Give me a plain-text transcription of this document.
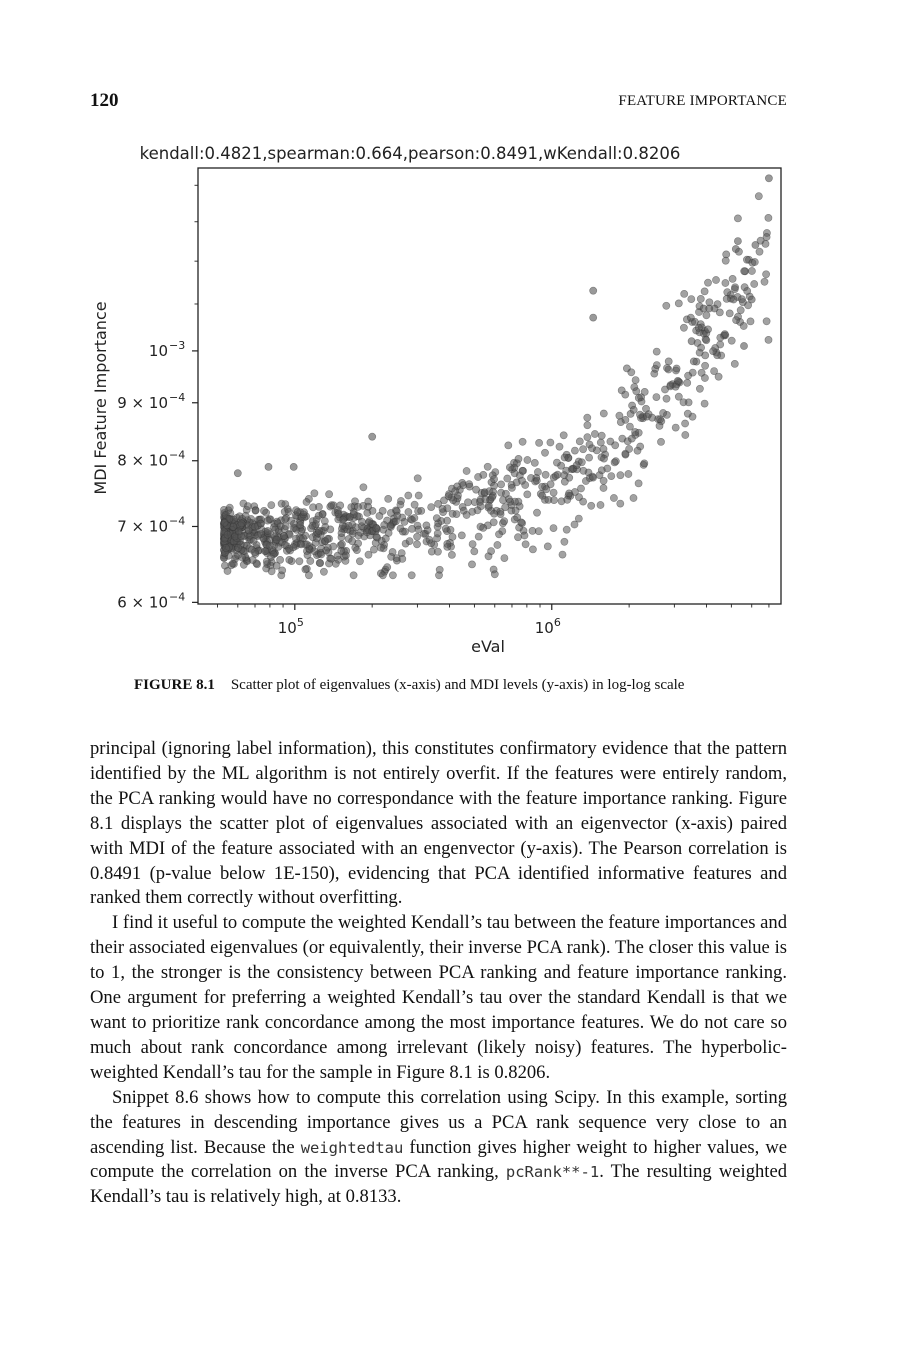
120	FEATURE IMPORTANCE
kendall:0.4821,spearman:0.664,pearson:0.8491,wKendall:0.8206
$10^5$	$10^6$
6 × 10 −4
7 × 10 −4
8 × 10 −4
9 × 10 −4
10 −3
eVal
MDI Feature Importance
FIGURE 8.1 Scatter plot of eigenvalues (x-axis) and MDI levels (y-axis) in log-log scale

principal (ignoring label information), this constitutes confirmatory evidence that the pattern identified by the ML algorithm is not entirely overfit. If the features were entirely random, the PCA ranking would have no correspondance with the feature importance ranking. Figure 8.1 displays the scatter plot of eigenvalues associated with an eigenvector (x-axis) paired with MDI of the feature associated with an engenvector (y-axis). The Pearson correlation is 0.8491 (p-value below 1E-150), evidencing that PCA identified informative features and ranked them correctly without overfitting.

I find it useful to compute the weighted Kendall’s tau between the feature importances and their associated eigenvalues (or equivalently, their inverse PCA rank). The closer this value is to 1, the stronger is the consistency between PCA ranking and feature importance ranking. One argument for preferring a weighted Kendall’s tau over the standard Kendall is that we want to prioritize rank concordance among the most importance features. We do not care so much about rank concordance among irrelevant (likely noisy) features. The hyperbolic-weighted Kendall’s tau for the sample in Figure 8.1 is 0.8206.

Snippet 8.6 shows how to compute this correlation using Scipy. In this example, sorting the features in descending importance gives us a PCA rank sequence very close to an ascending list. Because the weightedtau function gives higher weight to higher values, we compute the correlation on the inverse PCA ranking, pcRank**-1. The resulting weighted Kendall’s tau is relatively high, at 0.8133.
